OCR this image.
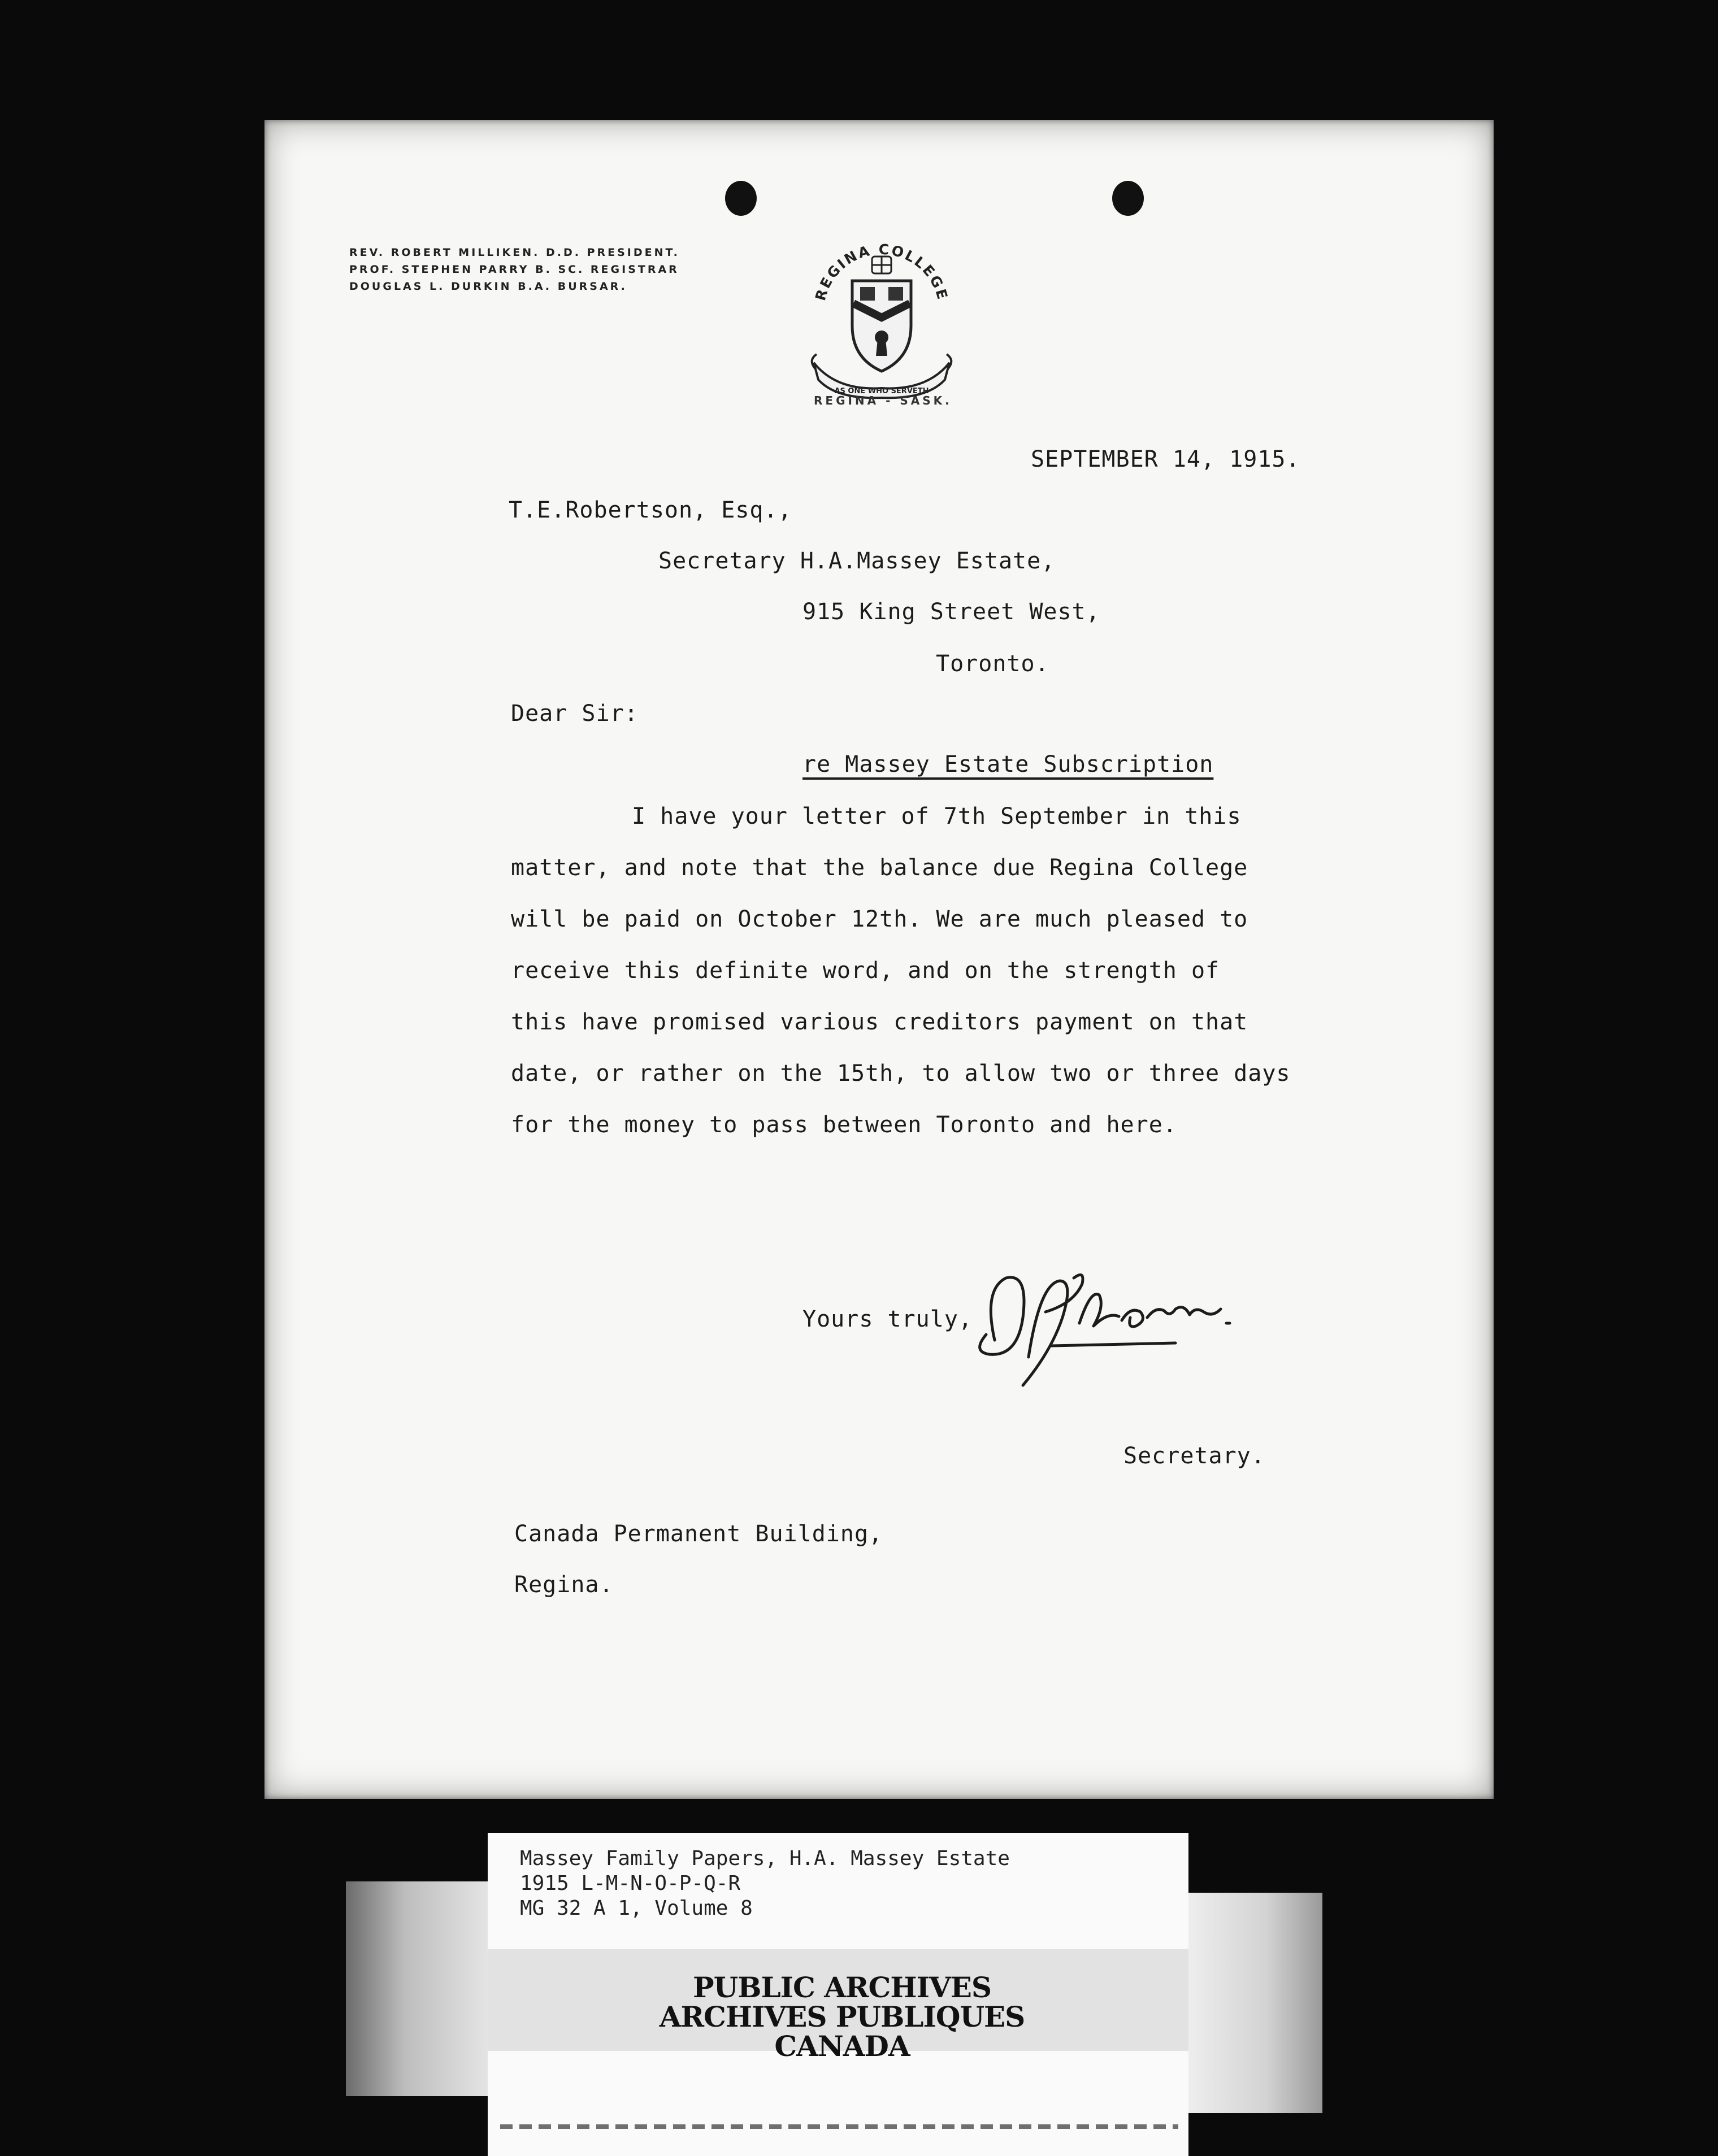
REV. ROBERT MILLIKEN. D.D. PRESIDENT.
PROF. STEPHEN PARRY B. SC. REGISTRAR
DOUGLAS L. DURKIN B.A. BURSAR.	REGINA COLLEGE
AS ONE WHO SERVETH
REGINA - SASK.
SEPTEMBER 14, 1915.
T.E.Robertson, Esq.,
Secretary H.A.Massey Estate,
915 King Street West,
Toronto.
Dear Sir:
re Massey Estate Subscription
I have your letter of 7th September in this
matter, and note that the balance due Regina College
will be paid on October 12th. We are much pleased to
receive this definite word, and on the strength of
this have promised various creditors payment on that
date, or rather on the 15th, to allow two or three days
for the money to pass between Toronto and here.
Yours truly,
Secretary.
Canada Permanent Building,
Regina.
Massey Family Papers, H.A. Massey Estate
1915 L-M-N-O-P-Q-R
MG 32 A 1, Volume 8
PUBLIC ARCHIVES
ARCHIVES PUBLIQUES
CANADA
